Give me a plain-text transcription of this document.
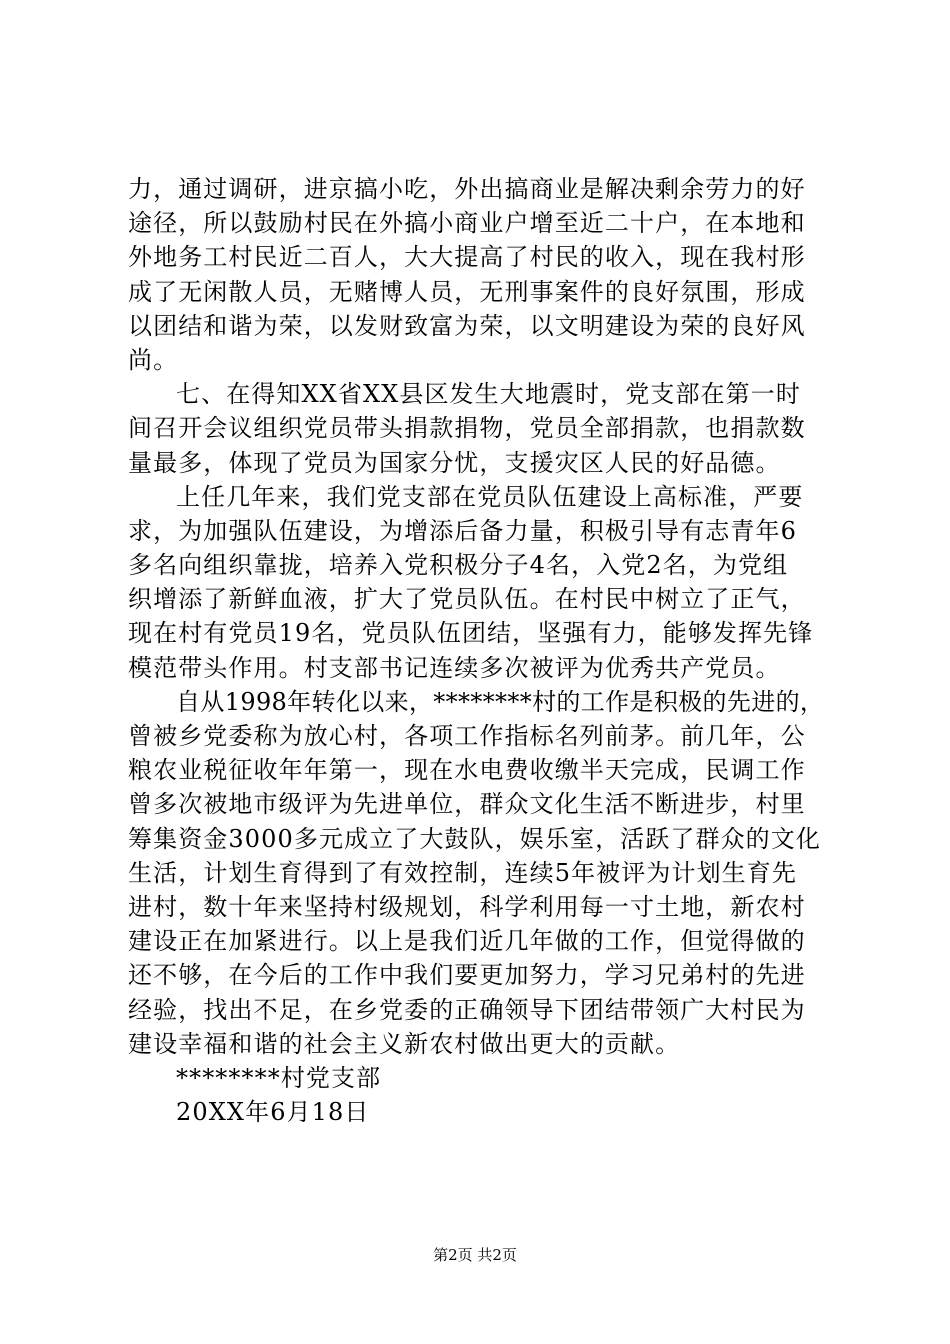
力，通过调研，进京搞小吃，外出搞商业是解决剩余劳力的好
途径，所以鼓励村民在外搞小商业户增至近二十户，在本地和
外地务工村民近二百人，大大提高了村民的收入，现在我村形
成了无闲散人员，无赌博人员，无刑事案件的良好氛围，形成
以团结和谐为荣，以发财致富为荣，以文明建设为荣的良好风
尚。

七、在得知XX省XX县区发生大地震时，党支部在第一时
间召开会议组织党员带头捐款捐物，党员全部捐款，也捐款数
量最多，体现了党员为国家分忧，支援灾区人民的好品德。

上任几年来，我们党支部在党员队伍建设上高标准，严要
求，为加强队伍建设，为增添后备力量，积极引导有志青年6
多名向组织靠拢，培养入党积极分子4名，入党2名，为党组
织增添了新鲜血液，扩大了党员队伍。在村民中树立了正气，
现在村有党员19名，党员队伍团结，坚强有力，能够发挥先锋
模范带头作用。村支部书记连续多次被评为优秀共产党员。

自从1998年转化以来，********村的工作是积极的先进的，
曾被乡党委称为放心村，各项工作指标名列前茅。前几年，公
粮农业税征收年年第一，现在水电费收缴半天完成，民调工作
曾多次被地市级评为先进单位，群众文化生活不断进步，村里
筹集资金3000多元成立了大鼓队，娱乐室，活跃了群众的文化
生活，计划生育得到了有效控制，连续5年被评为计划生育先
进村，数十年来坚持村级规划，科学利用每一寸土地，新农村
建设正在加紧进行。以上是我们近几年做的工作，但觉得做的
还不够，在今后的工作中我们要更加努力，学习兄弟村的先进
经验，找出不足，在乡党委的正确领导下团结带领广大村民为
建设幸福和谐的社会主义新农村做出更大的贡献。

********村党支部
20XX年6月18日

第2页 共2页
